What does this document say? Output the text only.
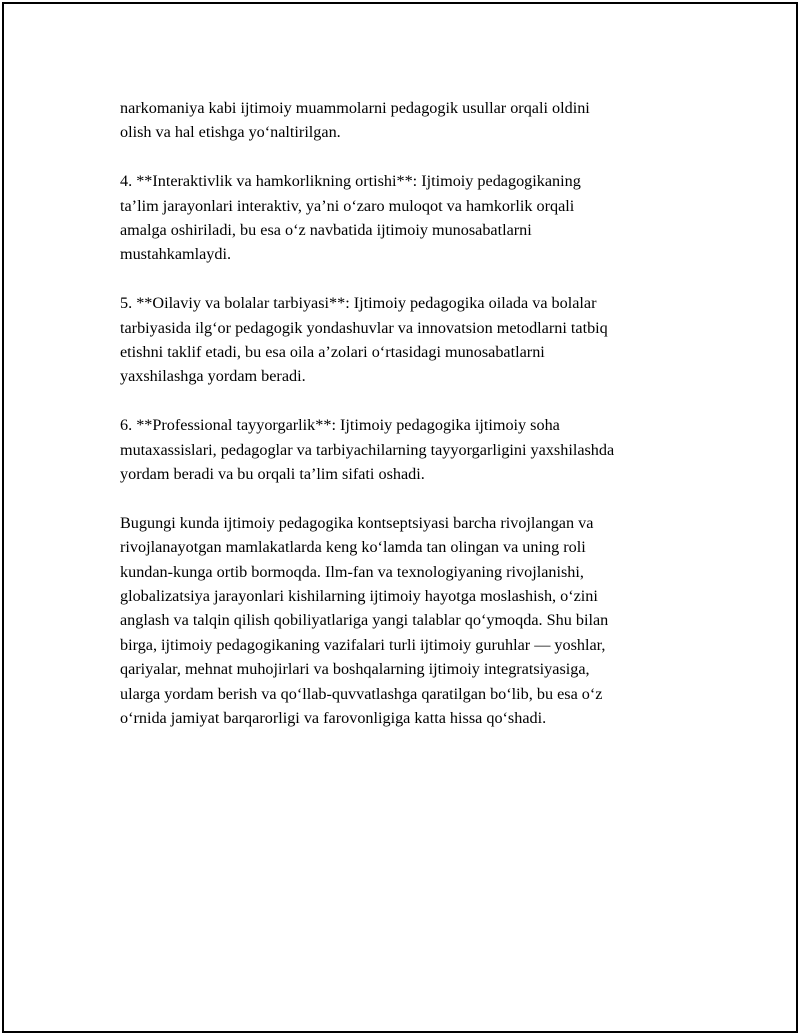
narkomaniya kabi ijtimoiy muammolarni pedagogik usullar orqali oldini
olish va hal etishga yo‘naltirilgan.

4. **Interaktivlik va hamkorlikning ortishi**: Ijtimoiy pedagogikaning
ta’lim jarayonlari interaktiv, ya’ni o‘zaro muloqot va hamkorlik orqali
amalga oshiriladi, bu esa o‘z navbatida ijtimoiy munosabatlarni
mustahkamlaydi.

5. **Oilaviy va bolalar tarbiyasi**: Ijtimoiy pedagogika oilada va bolalar
tarbiyasida ilg‘or pedagogik yondashuvlar va innovatsion metodlarni tatbiq
etishni taklif etadi, bu esa oila a’zolari o‘rtasidagi munosabatlarni
yaxshilashga yordam beradi.

6. **Professional tayyorgarlik**: Ijtimoiy pedagogika ijtimoiy soha
mutaxassislari, pedagoglar va tarbiyachilarning tayyorgarligini yaxshilashda
yordam beradi va bu orqali ta’lim sifati oshadi.

Bugungi kunda ijtimoiy pedagogika kontseptsiyasi barcha rivojlangan va
rivojlanayotgan mamlakatlarda keng ko‘lamda tan olingan va uning roli
kundan-kunga ortib bormoqda. Ilm-fan va texnologiyaning rivojlanishi,
globalizatsiya jarayonlari kishilarning ijtimoiy hayotga moslashish, o‘zini
anglash va talqin qilish qobiliyatlariga yangi talablar qo‘ymoqda. Shu bilan
birga, ijtimoiy pedagogikaning vazifalari turli ijtimoiy guruhlar — yoshlar,
qariyalar, mehnat muhojirlari va boshqalarning ijtimoiy integratsiyasiga,
ularga yordam berish va qo‘llab-quvvatlashga qaratilgan bo‘lib, bu esa o‘z
o‘rnida jamiyat barqarorligi va farovonligiga katta hissa qo‘shadi.
